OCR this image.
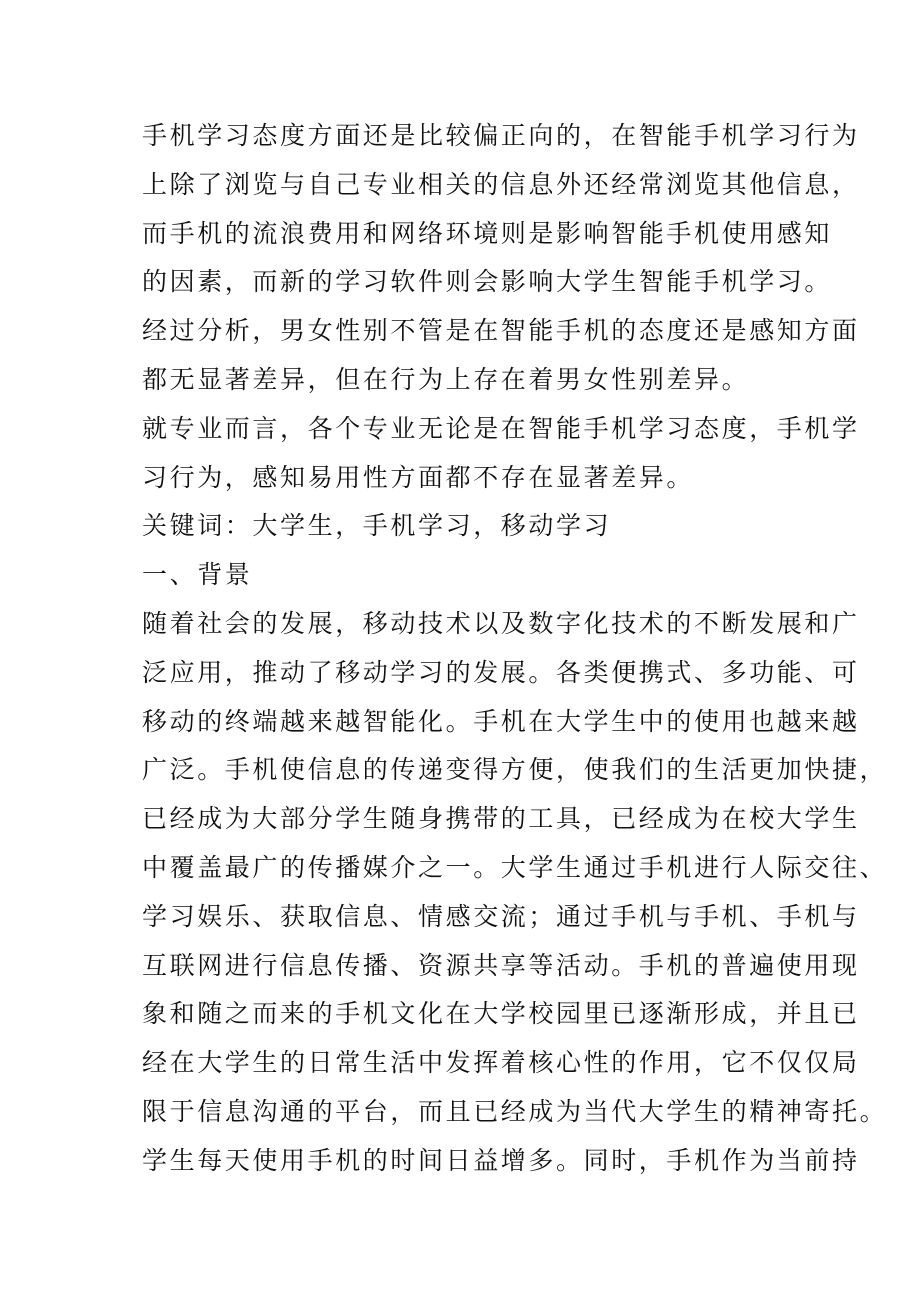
手机学习态度方面还是比较偏正向的，在智能手机学习行为
上除了浏览与自己专业相关的信息外还经常浏览其他信息，
而手机的流浪费用和网络环境则是影响智能手机使用感知
的因素，而新的学习软件则会影响大学生智能手机学习。
经过分析，男女性别不管是在智能手机的态度还是感知方面
都无显著差异，但在行为上存在着男女性别差异。
就专业而言，各个专业无论是在智能手机学习态度，手机学
习行为，感知易用性方面都不存在显著差异。
关键词：大学生，手机学习，移动学习
一、背景
随着社会的发展，移动技术以及数字化技术的不断发展和广
泛应用，推动了移动学习的发展。各类便携式、多功能、可
移动的终端越来越智能化。手机在大学生中的使用也越来越
广泛。手机使信息的传递变得方便，使我们的生活更加快捷，
已经成为大部分学生随身携带的工具，已经成为在校大学生
中覆盖最广的传播媒介之一。大学生通过手机进行人际交往、
学习娱乐、获取信息、情感交流；通过手机与手机、手机与
互联网进行信息传播、资源共享等活动。手机的普遍使用现
象和随之而来的手机文化在大学校园里已逐渐形成，并且已
经在大学生的日常生活中发挥着核心性的作用，它不仅仅局
限于信息沟通的平台，而且已经成为当代大学生的精神寄托。
学生每天使用手机的时间日益增多。同时，手机作为当前持
